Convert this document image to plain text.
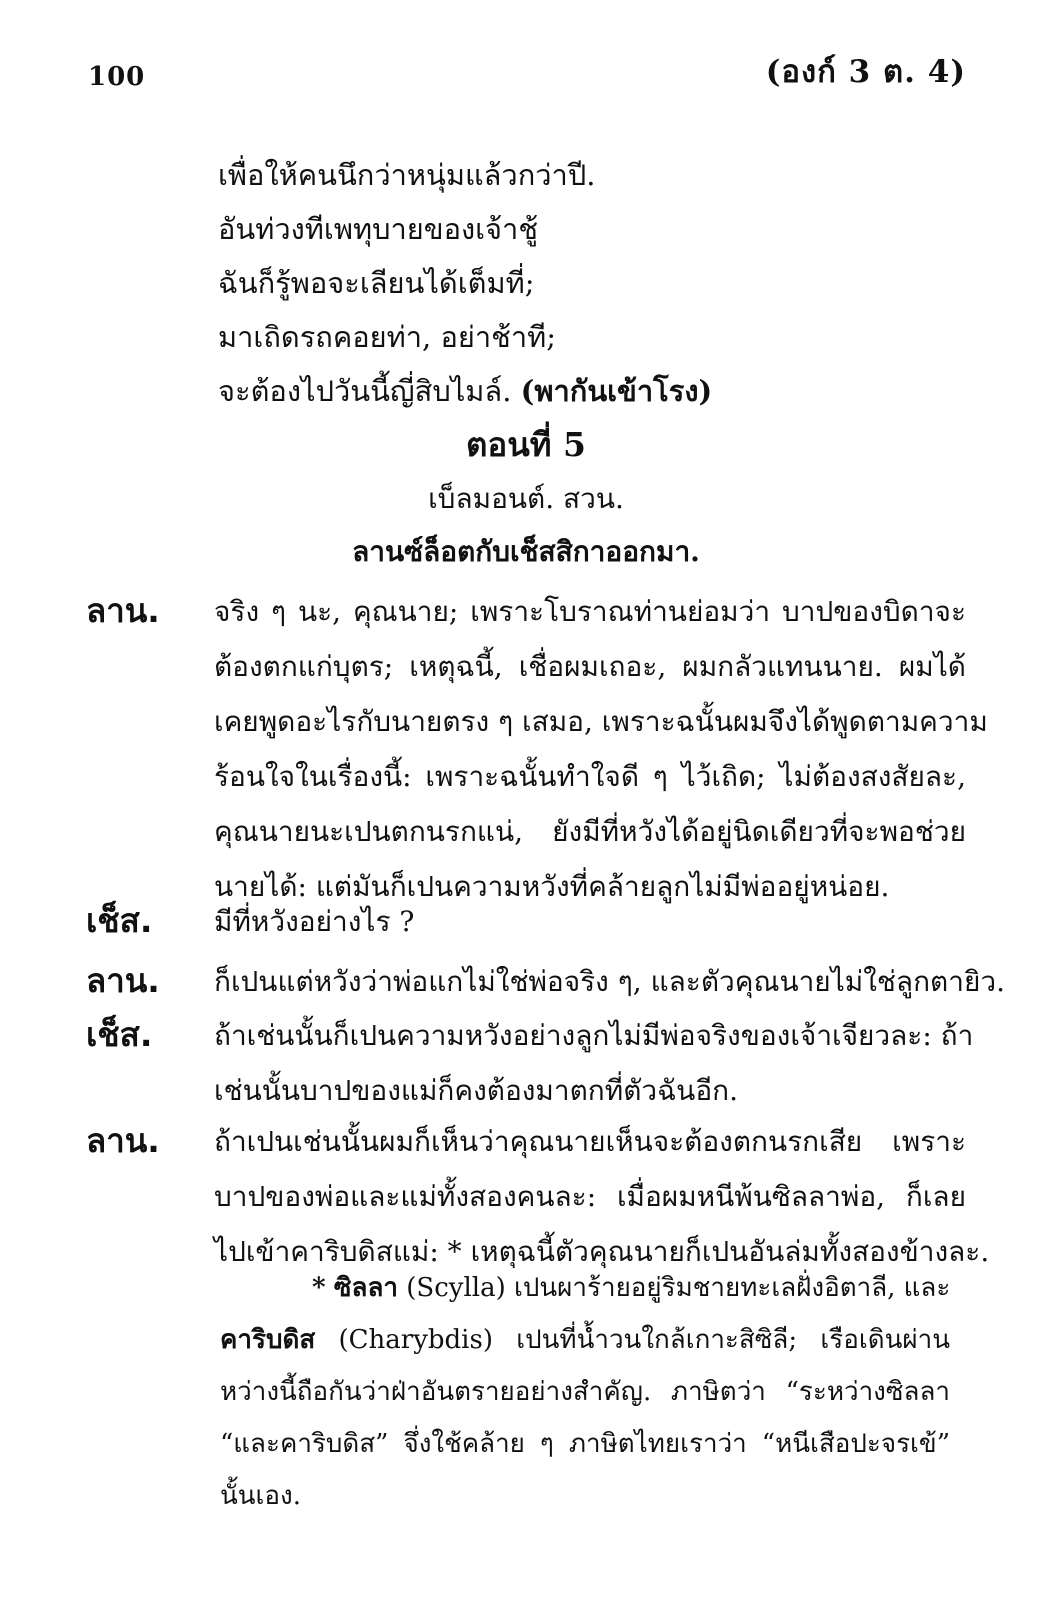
100	(องก์ 3 ต. 4)
เพื่อให้คนนึกว่าหนุ่มแล้วกว่าปี.
อันท่วงทีเพทุบายของเจ้าชู้
ฉันก็รู้พอจะเลียนได้เต็มที่;
มาเถิดรถคอยท่า, อย่าช้าที;
จะต้องไปวันนี้ญี่สิบไมล์. (พากันเข้าโรง)
ตอนที่ 5
เบ็ลมอนต์. สวน.
ลานซ์ล็อตกับเช็สสิกาออกมา.
ลาน.	จริง ๆ นะ, คุณนาย; เพราะโบราณท่านย่อมว่า บาปของบิดาจะ
ต้องตกแก่บุตร; เหตุฉนี้, เชื่อผมเถอะ, ผมกลัวแทนนาย. ผมได้
เคยพูดอะไรกับนายตรง ๆ เสมอ, เพราะฉนั้นผมจึงได้พูดตามความ
ร้อนใจในเรื่องนี้: เพราะฉนั้นทำใจดี ๆ ไว้เถิด; ไม่ต้องสงสัยละ,
คุณนายนะเปนตกนรกแน่, ยังมีที่หวังได้อยู่นิดเดียวที่จะพอช่วย
นายได้: แต่มันก็เปนความหวังที่คล้ายลูกไม่มีพ่ออยู่หน่อย.
เช็ส.	มีที่หวังอย่างไร ?
ลาน.	ก็เปนแต่หวังว่าพ่อแกไม่ใช่พ่อจริง ๆ, และตัวคุณนายไม่ใช่ลูกตายิว.
เช็ส.	ถ้าเช่นนั้นก็เปนความหวังอย่างลูกไม่มีพ่อจริงของเจ้าเจียวละ: ถ้า
เช่นนั้นบาปของแม่ก็คงต้องมาตกที่ตัวฉันอีก.
ลาน.	ถ้าเปนเช่นนั้นผมก็เห็นว่าคุณนายเห็นจะต้องตกนรกเสีย เพราะ
บาปของพ่อและแม่ทั้งสองคนละ: เมื่อผมหนีพ้นซิลลาพ่อ, ก็เลย
ไปเข้าคาริบดิสแม่: * เหตุฉนี้ตัวคุณนายก็เปนอันล่มทั้งสองข้างละ.
* ซิลลา (Scylla) เปนผาร้ายอยู่ริมชายทะเลฝั่งอิตาลี, และ
คาริบดิส (Charybdis) เปนที่น้ำวนใกล้เกาะสิซิลี; เรือเดินผ่าน
หว่างนี้ถือกันว่าฝ่าอันตรายอย่างสำคัญ. ภาษิตว่า “ระหว่างซิลลา
“และคาริบดิส” จึ่งใช้คล้าย ๆ ภาษิตไทยเราว่า “หนีเสือปะจรเข้”
นั้นเอง.
